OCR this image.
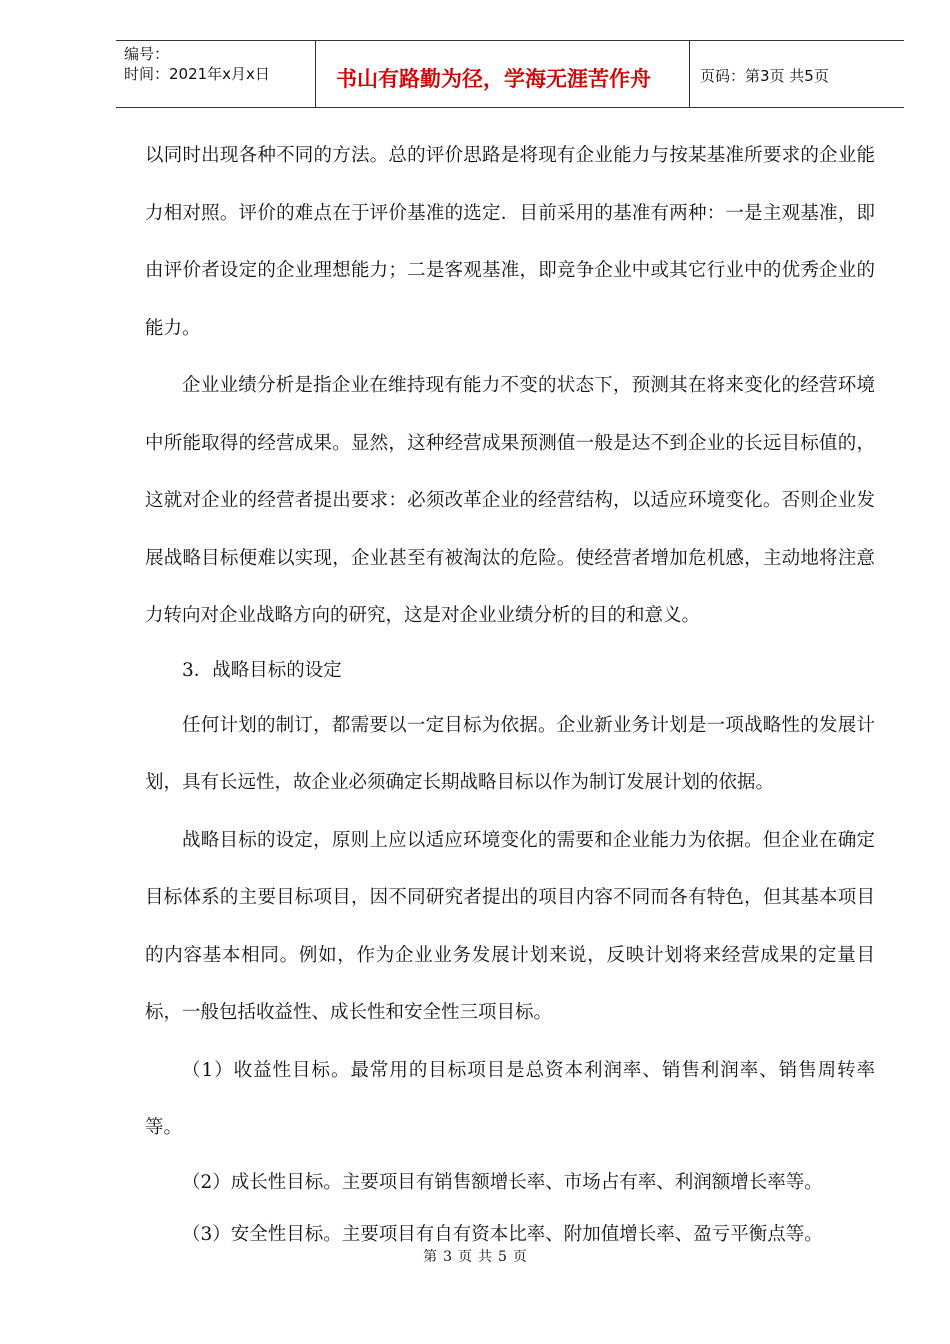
编号：
时间：2021年x月x日	书山有路勤为径，学海无涯苦作舟	页码：第3页 共5页

以同时出现各种不同的方法。总的评价思路是将现有企业能力与按某基准所要求的企业能力相对照。评价的难点在于评价基准的选定．目前采用的基准有两种：一是主观基准，即由评价者设定的企业理想能力；二是客观基准，即竞争企业中或其它行业中的优秀企业的能力。

企业业绩分析是指企业在维持现有能力不变的状态下，预测其在将来变化的经营环境中所能取得的经营成果。显然，这种经营成果预测值一般是达不到企业的长远目标值的，这就对企业的经营者提出要求：必须改革企业的经营结构，以适应环境变化。否则企业发展战略目标便难以实现，企业甚至有被淘汰的危险。使经营者增加危机感，主动地将注意力转向对企业战略方向的研究，这是对企业业绩分析的目的和意义。

3．战略目标的设定

任何计划的制订，都需要以一定目标为依据。企业新业务计划是一项战略性的发展计划，具有长远性，故企业必须确定长期战略目标以作为制订发展计划的依据。

战略目标的设定，原则上应以适应环境变化的需要和企业能力为依据。但企业在确定目标体系的主要目标项目，因不同研究者提出的项目内容不同而各有特色，但其基本项目的内容基本相同。例如，作为企业业务发展计划来说，反映计划将来经营成果的定量目标，一般包括收益性、成长性和安全性三项目标。

（1）收益性目标。最常用的目标项目是总资本利润率、销售利润率、销售周转率等。

（2）成长性目标。主要项目有销售额增长率、市场占有率、利润额增长率等。

（3）安全性目标。主要项目有自有资本比率、附加值增长率、盈亏平衡点等。

第 3 页 共 5 页
